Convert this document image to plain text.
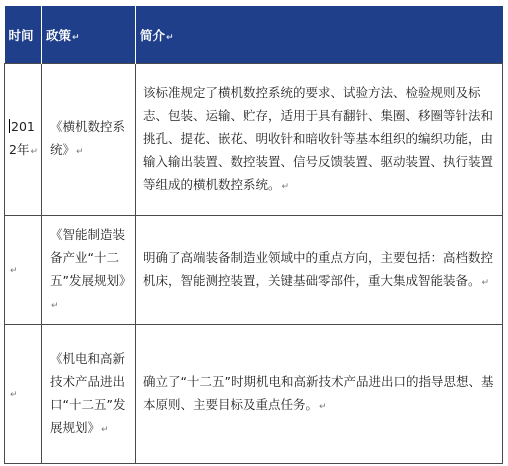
时间	政策↵	简介↵
2012年↵	《横机数控系统》↵	该标准规定了横机数控系统的要求、试验方法、检验规则及标志、包装、运输、贮存，适用于具有翻针、集圈、移圈等针法和挑孔、提花、嵌花、明收针和暗收针等基本组织的编织功能，由输入输出装置、数控装置、信号反馈装置、驱动装置、执行装置等组成的横机数控系统。↵
↵	《智能制造装备产业“十二五”发展规划》↵	明确了高端装备制造业领域中的重点方向，主要包括：高档数控机床，智能测控装置，关键基础零部件，重大集成智能装备。↵
↵	《机电和高新技术产品进出口“十二五”发展规划》↵	确立了“十二五”时期机电和高新技术产品进出口的指导思想、基本原则、主要目标及重点任务。↵
